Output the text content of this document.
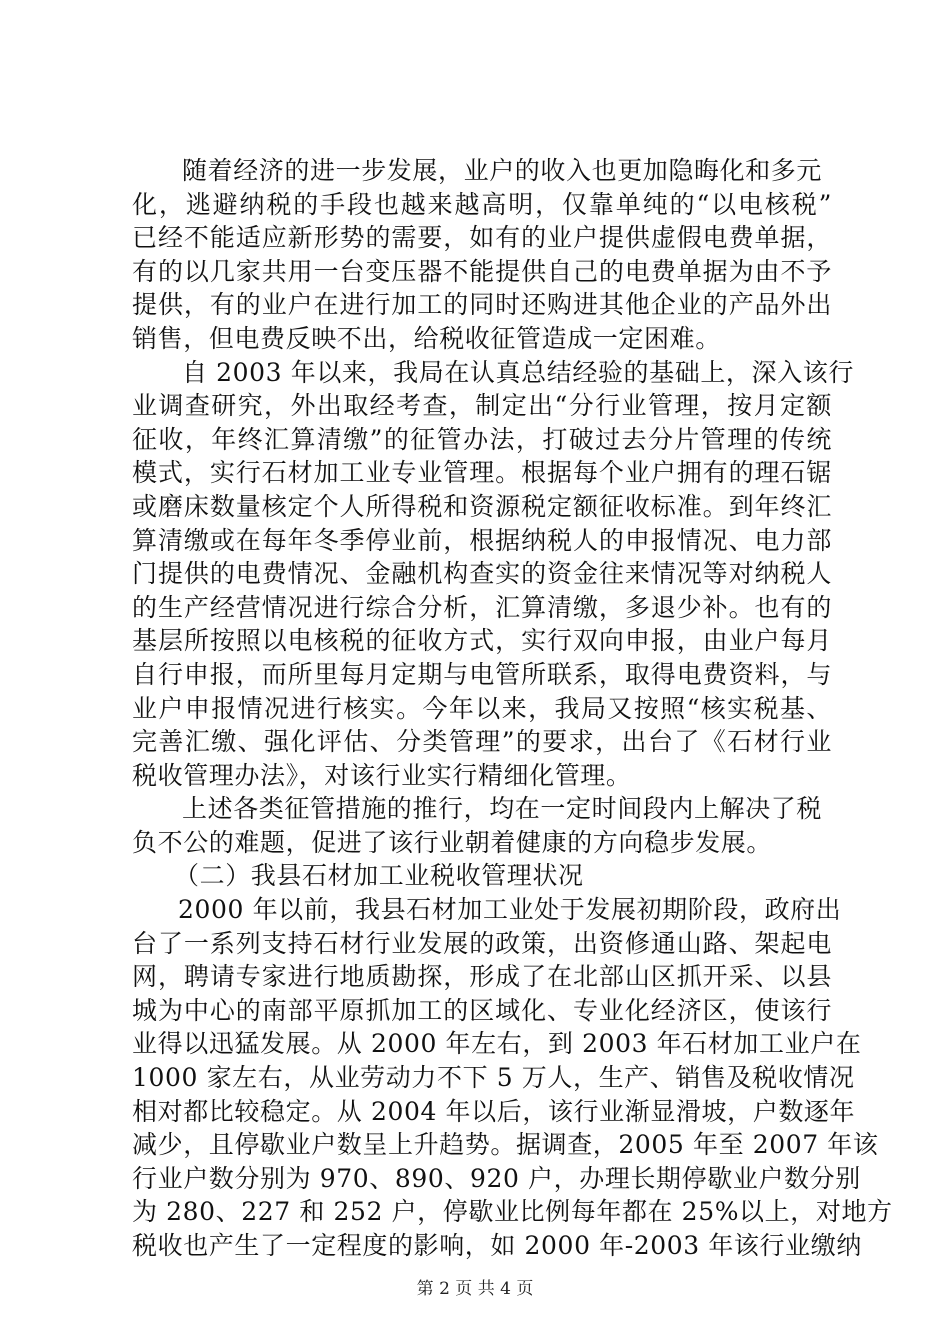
随着经济的进一步发展，业户的收入也更加隐晦化和多元
化，逃避纳税的手段也越来越高明，仅靠单纯的“以电核税”
已经不能适应新形势的需要，如有的业户提供虚假电费单据，
有的以几家共用一台变压器不能提供自己的电费单据为由不予
提供，有的业户在进行加工的同时还购进其他企业的产品外出
销售，但电费反映不出，给税收征管造成一定困难。
自 2003 年以来，我局在认真总结经验的基础上，深入该行
业调查研究，外出取经考查，制定出“分行业管理，按月定额
征收，年终汇算清缴”的征管办法，打破过去分片管理的传统
模式，实行石材加工业专业管理。根据每个业户拥有的理石锯
或磨床数量核定个人所得税和资源税定额征收标准。到年终汇
算清缴或在每年冬季停业前，根据纳税人的申报情况、电力部
门提供的电费情况、金融机构查实的资金往来情况等对纳税人
的生产经营情况进行综合分析，汇算清缴，多退少补。也有的
基层所按照以电核税的征收方式，实行双向申报，由业户每月
自行申报，而所里每月定期与电管所联系，取得电费资料，与
业户申报情况进行核实。今年以来，我局又按照“核实税基、
完善汇缴、强化评估、分类管理”的要求，出台了《石材行业
税收管理办法》，对该行业实行精细化管理。
上述各类征管措施的推行，均在一定时间段内上解决了税
负不公的难题，促进了该行业朝着健康的方向稳步发展。
（二）我县石材加工业税收管理状况
2000 年以前，我县石材加工业处于发展初期阶段，政府出
台了一系列支持石材行业发展的政策，出资修通山路、架起电
网，聘请专家进行地质勘探，形成了在北部山区抓开采、以县
城为中心的南部平原抓加工的区域化、专业化经济区，使该行
业得以迅猛发展。从 2000 年左右，到 2003 年石材加工业户在
1000 家左右，从业劳动力不下 5 万人，生产、销售及税收情况
相对都比较稳定。从 2004 年以后，该行业渐显滑坡，户数逐年
减少，且停歇业户数呈上升趋势。据调查，2005 年至 2007 年该
行业户数分别为 970、890、920 户，办理长期停歇业户数分别
为 280、227 和 252 户，停歇业比例每年都在 25%以上，对地方
税收也产生了一定程度的影响，如 2000 年-2003 年该行业缴纳
第 2 页 共 4 页
